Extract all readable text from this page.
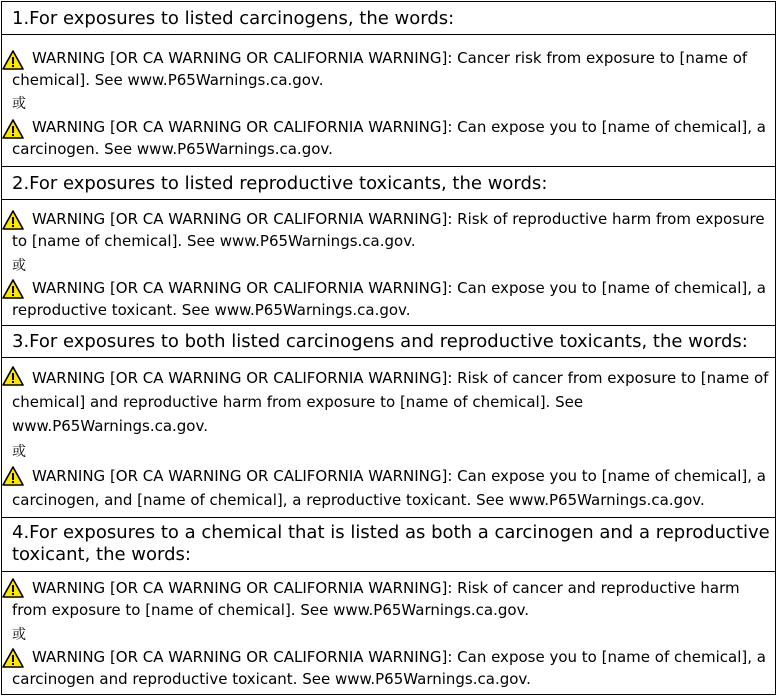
1.For exposures to listed carcinogens, the words:

WARNING [OR CA WARNING OR CALIFORNIA WARNING]: Cancer risk from exposure to [name of chemical]. See www.P65Warnings.ca.gov.

或

WARNING [OR CA WARNING OR CALIFORNIA WARNING]: Can expose you to [name of chemical], a carcinogen. See www.P65Warnings.ca.gov.

2.For exposures to listed reproductive toxicants, the words:

WARNING [OR CA WARNING OR CALIFORNIA WARNING]: Risk of reproductive harm from exposure to [name of chemical]. See www.P65Warnings.ca.gov.

或

WARNING [OR CA WARNING OR CALIFORNIA WARNING]: Can expose you to [name of chemical], a reproductive toxicant. See www.P65Warnings.ca.gov.

3.For exposures to both listed carcinogens and reproductive toxicants, the words:

WARNING [OR CA WARNING OR CALIFORNIA WARNING]: Risk of cancer from exposure to [name of chemical] and reproductive harm from exposure to [name of chemical]. See www.P65Warnings.ca.gov.

或

WARNING [OR CA WARNING OR CALIFORNIA WARNING]: Can expose you to [name of chemical], a carcinogen, and [name of chemical], a reproductive toxicant. See www.P65Warnings.ca.gov.

4.For exposures to a chemical that is listed as both a carcinogen and a reproductive toxicant, the words:

WARNING [OR CA WARNING OR CALIFORNIA WARNING]: Risk of cancer and reproductive harm from exposure to [name of chemical]. See www.P65Warnings.ca.gov.

或

WARNING [OR CA WARNING OR CALIFORNIA WARNING]: Can expose you to [name of chemical], a carcinogen and reproductive toxicant. See www.P65Warnings.ca.gov.
